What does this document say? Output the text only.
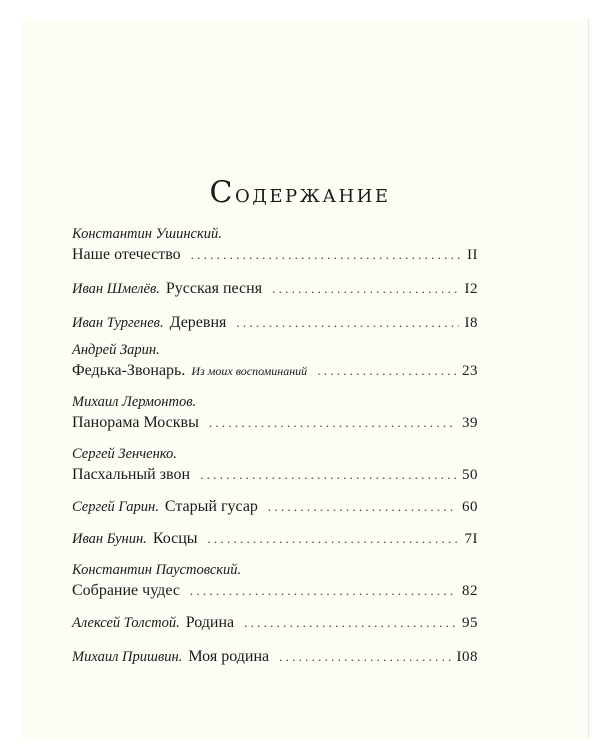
Содержание
Константин Ушинский.
Наше отечество . . .	II
Иван Шмелёв. Русская песня . . .	I2
Иван Тургенев. Деревня . . .	I8
Андрей Зарин.
Федька-Звонарь. Из моих воспоминаний . . .	23
Михаил Лермонтов.
Панорама Москвы . . .	39
Сергей Зенченко.
Пасхальный звон . . .	50
Сергей Гарин. Старый гусар . . .	60
Иван Бунин. Косцы . . .	7I
Константин Паустовский.
Собрание чудес . . .	82
Алексей Толстой. Родина . . .	95
Михаил Пришвин. Моя родина . . .	I08
